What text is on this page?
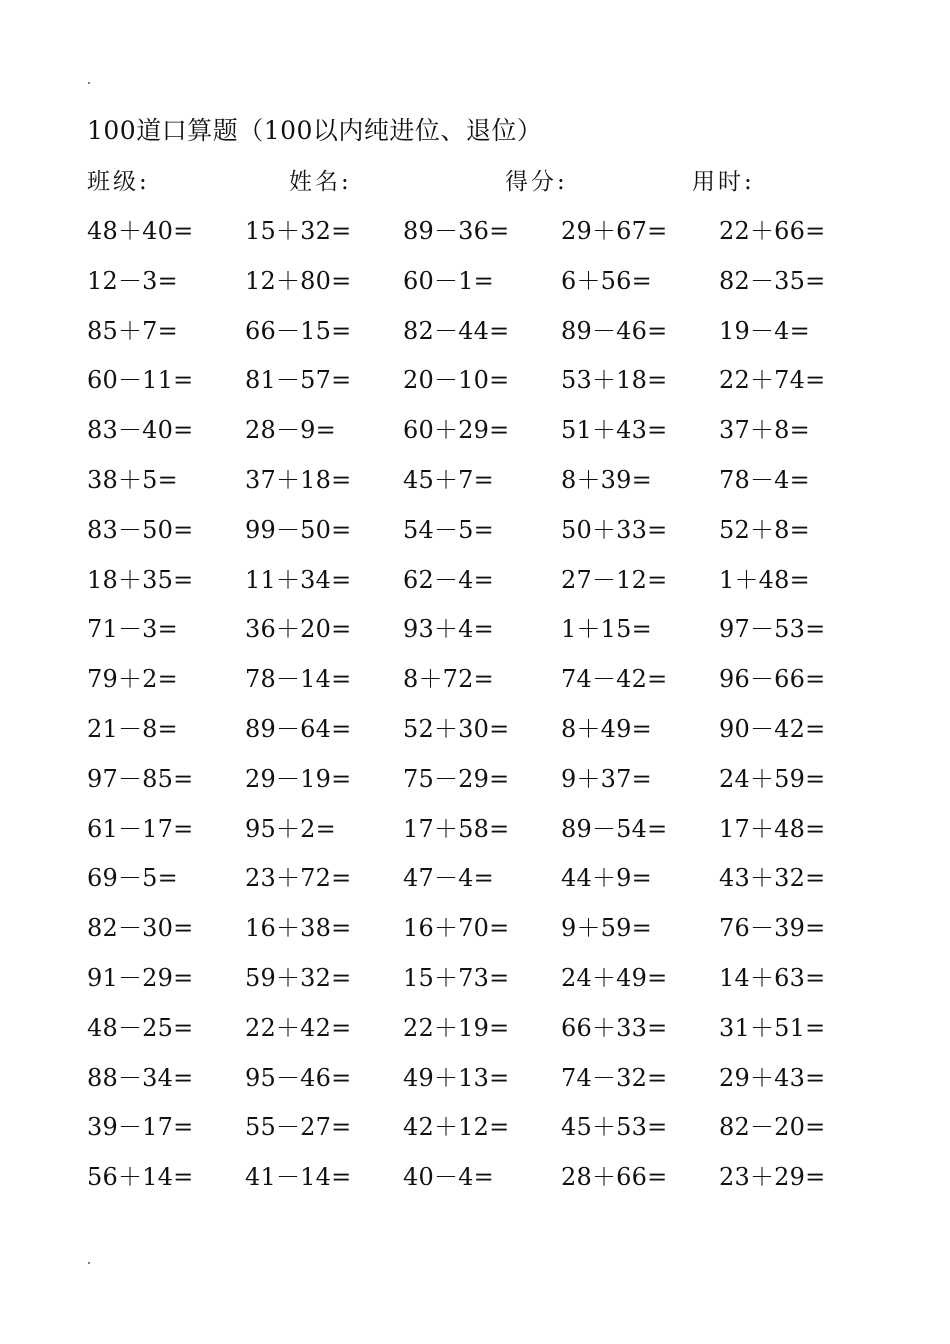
100道口算题（100以内纯进位、退位）
班级:	姓名:	得分:	用时:
48＋40=	15＋32=	89－36=	29＋67=	22＋66=
12－3=	12＋80=	60－1=	6＋56=	82－35=
85＋7=	66－15=	82－44=	89－46=	19－4=
60－11=	81－57=	20－10=	53＋18=	22＋74=
83－40=	28－9=	60＋29=	51＋43=	37＋8=
38＋5=	37＋18=	45＋7=	8＋39=	78－4=
83－50=	99－50=	54－5=	50＋33=	52＋8=
18＋35=	11＋34=	62－4=	27－12=	1＋48=
71－3=	36＋20=	93＋4=	1＋15=	97－53=
79＋2=	78－14=	8＋72=	74－42=	96－66=
21－8=	89－64=	52＋30=	8＋49=	90－42=
97－85=	29－19=	75－29=	9＋37=	24＋59=
61－17=	95＋2=	17＋58=	89－54=	17＋48=
69－5=	23＋72=	47－4=	44＋9=	43＋32=
82－30=	16＋38=	16＋70=	9＋59=	76－39=
91－29=	59＋32=	15＋73=	24＋49=	14＋63=
48－25=	22＋42=	22＋19=	66＋33=	31＋51=
88－34=	95－46=	49＋13=	74－32=	29＋43=
39－17=	55－27=	42＋12=	45＋53=	82－20=
56＋14=	41－14=	40－4=	28＋66=	23＋29=
